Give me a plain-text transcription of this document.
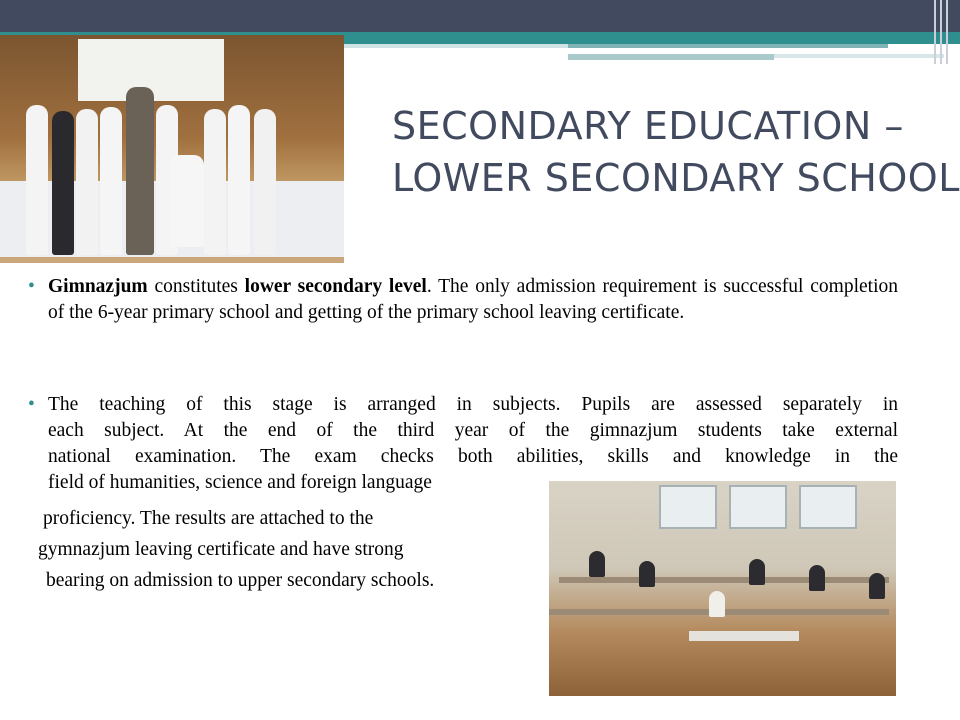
SECONDARY EDUCATION –
LOWER SECONDARY SCHOOL
• Gimnazjum constitutes lower secondary level. The only admission requirement is successful completion of the 6-year primary school and getting of the primary school leaving certificate.
• The teaching of this stage is arranged in subjects. Pupils are assessed separately in
each subject. At the end of the third year of the gimnazjum students take external
national examination. The exam checks both abilities, skills and knowledge in the
field of humanities, science and foreign language
proficiency. The results are attached to the
gymnazjum leaving certificate and have strong
bearing on admission to upper secondary schools.
